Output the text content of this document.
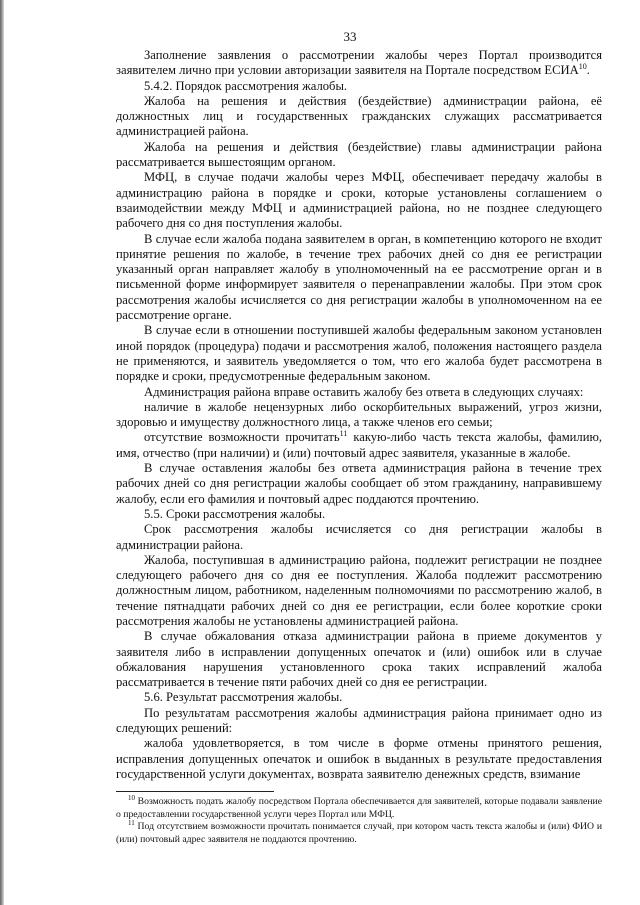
33

Заполнение заявления о рассмотрении жалобы через Портал производится заявителем лично при условии авторизации заявителя на Портале посредством ЕСИА$^{10}$.

5.4.2. Порядок рассмотрения жалобы.

Жалоба на решения и действия (бездействие) администрации района, её должностных лиц и государственных гражданских служащих рассматривается администрацией района.

Жалоба на решения и действия (бездействие) главы администрации района рассматривается вышестоящим органом.

МФЦ, в случае подачи жалобы через МФЦ, обеспечивает передачу жалобы в администрацию района в порядке и сроки, которые установлены соглашением о взаимодействии между МФЦ и администрацией района, но не позднее следующего рабочего дня со дня поступления жалобы.

В случае если жалоба подана заявителем в орган, в компетенцию которого не входит принятие решения по жалобе, в течение трех рабочих дней со дня ее регистрации указанный орган направляет жалобу в уполномоченный на ее рассмотрение орган и в письменной форме информирует заявителя о перенаправлении жалобы. При этом срок рассмотрения жалобы исчисляется со дня регистрации жалобы в уполномоченном на ее рассмотрение органе.

В случае если в отношении поступившей жалобы федеральным законом установлен иной порядок (процедура) подачи и рассмотрения жалоб, положения настоящего раздела не применяются, и заявитель уведомляется о том, что его жалоба будет рассмотрена в порядке и сроки, предусмотренные федеральным законом.

Администрация района вправе оставить жалобу без ответа в следующих случаях:

наличие в жалобе нецензурных либо оскорбительных выражений, угроз жизни, здоровью и имуществу должностного лица, а также членов его семьи;

отсутствие возможности прочитать$^{11}$ какую-либо часть текста жалобы, фамилию, имя, отчество (при наличии) и (или) почтовый адрес заявителя, указанные в жалобе.

В случае оставления жалобы без ответа администрация района в течение трех рабочих дней со дня регистрации жалобы сообщает об этом гражданину, направившему жалобу, если его фамилия и почтовый адрес поддаются прочтению.

5.5. Сроки рассмотрения жалобы.

Срок рассмотрения жалобы исчисляется со дня регистрации жалобы в администрации района.

Жалоба, поступившая в администрацию района, подлежит регистрации не позднее следующего рабочего дня со дня ее поступления. Жалоба подлежит рассмотрению должностным лицом, работником, наделенным полномочиями по рассмотрению жалоб, в течение пятнадцати рабочих дней со дня ее регистрации, если более короткие сроки рассмотрения жалобы не установлены администрацией района.

В случае обжалования отказа администрации района в приеме документов у заявителя либо в исправлении допущенных опечаток и (или) ошибок или в случае обжалования нарушения установленного срока таких исправлений жалоба рассматривается в течение пяти рабочих дней со дня ее регистрации.

5.6. Результат рассмотрения жалобы.

По результатам рассмотрения жалобы администрация района принимает одно из следующих решений:

жалоба удовлетворяется, в том числе в форме отмены принятого решения, исправления допущенных опечаток и ошибок в выданных в результате предоставления государственной услуги документах, возврата заявителю денежных средств, взимание

$^{10}$ Возможность подать жалобу посредством Портала обеспечивается для заявителей, которые подавали заявление о предоставлении государственной услуги через Портал или МФЦ.

$^{11}$ Под отсутствием возможности прочитать понимается случай, при котором часть текста жалобы и (или) ФИО и (или) почтовый адрес заявителя не поддаются прочтению.
